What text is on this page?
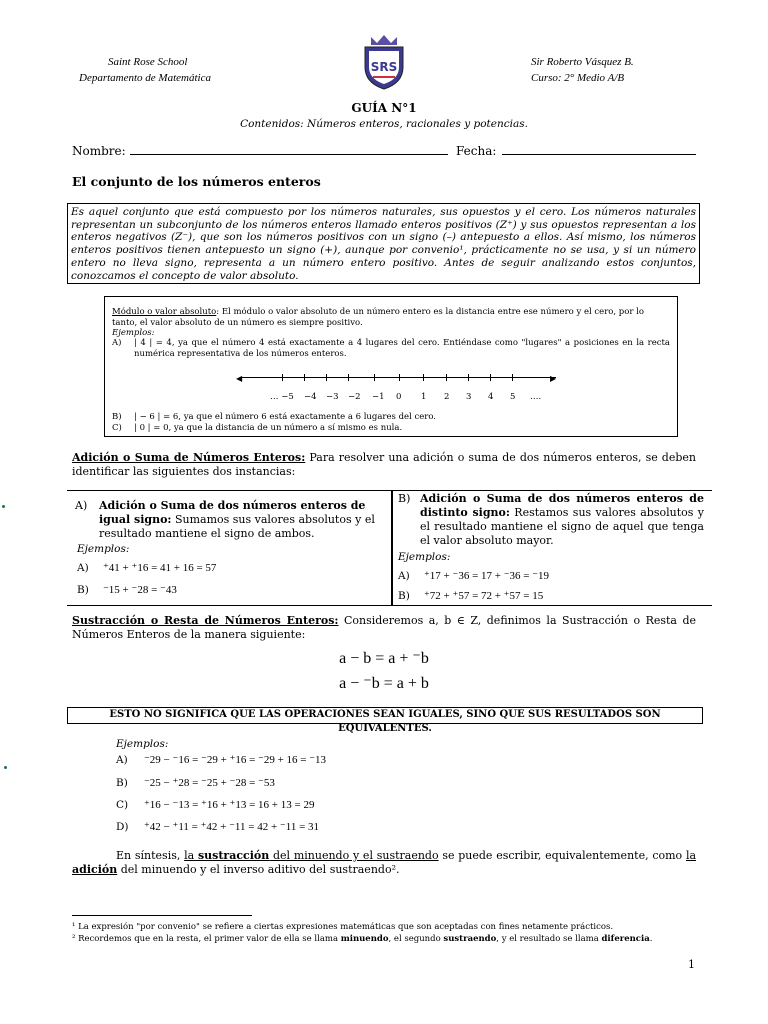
Saint Rose School
Departamento de Matemática
Sir Roberto Vásquez B.
Curso: 2° Medio A/B
SRS
GUÍA N°1
Contenidos: Números enteros, racionales y potencias.
Nombre:	Fecha:
El conjunto de los números enteros
Es aquel conjunto que está compuesto por los números naturales, sus opuestos y el cero. Los números naturales representan un subconjunto de los números enteros llamado enteros positivos (Z⁺) y sus opuestos representan a los enteros negativos (Z⁻), que son los números positivos con un signo (–) antepuesto a ellos. Así mismo, los números enteros positivos tienen antepuesto un signo (+), aunque por convenio¹, prácticamente no se usa, y si un número entero no lleva signo, representa a un número entero positivo. Antes de seguir analizando estos conjuntos, conozcamos el concepto de valor absoluto.
Módulo o valor absoluto: El módulo o valor absoluto de un número entero es la distancia entre ese número y el cero, por lo tanto, el valor absoluto de un número es siempre positivo.
Ejemplos:
A)	| 4 | = 4, ya que el número 4 está exactamente a 4 lugares del cero. Entiéndase como "lugares" a posiciones en la recta numérica representativa de los números enteros.
◀	▶
… −5 −4 −3 −2 −1 0 1 2 3 4 5 ….
B)	| − 6 | = 6, ya que el número 6 está exactamente a 6 lugares del cero.
C)	| 0 | = 0, ya que la distancia de un número a sí mismo es nula.
Adición o Suma de Números Enteros: Para resolver una adición o suma de dos números enteros, se deben identificar las siguientes dos instancias:
A)	Adición o Suma de dos números enteros de igual signo: Sumamos sus valores absolutos y el resultado mantiene el signo de ambos.
Ejemplos:
A) ⁺41 + ⁺16 = 41 + 16 = 57
B) ⁻15 + ⁻28 = ⁻43
B) Adición o Suma de dos números enteros de distinto signo: Restamos sus valores absolutos y el resultado mantiene el signo de aquel que tenga el valor absoluto mayor.
Ejemplos:
A) ⁺17 + ⁻36 = 17 + ⁻36 = ⁻19
B) ⁺72 + ⁺57 = 72 + ⁺57 = 15
Sustracción o Resta de Números Enteros: Consideremos a, b ∈ Z, definimos la Sustracción o Resta de Números Enteros de la manera siguiente:
a − b = a + ⁻b
a − ⁻b = a + b
ESTO NO SIGNIFICA QUE LAS OPERACIONES SEAN IGUALES, SINO QUE SUS RESULTADOS SON EQUIVALENTES.
Ejemplos:
A) ⁻29 − ⁻16 = ⁻29 + ⁺16 = ⁻29 + 16 = ⁻13
B) ⁻25 − ⁺28 = ⁻25 + ⁻28 = ⁻53
C) ⁺16 − ⁻13 = ⁺16 + ⁺13 = 16 + 13 = 29
D) ⁺42 − ⁺11 = ⁺42 + ⁻11 = 42 + ⁻11 = 31
En síntesis, la sustracción del minuendo y el sustraendo se puede escribir, equivalentemente, como la adición del minuendo y el inverso aditivo del sustraendo².
¹ La expresión "por convenio" se refiere a ciertas expresiones matemáticas que son aceptadas con fines netamente prácticos.
² Recordemos que en la resta, el primer valor de ella se llama minuendo, el segundo sustraendo, y el resultado se llama diferencia.
1
